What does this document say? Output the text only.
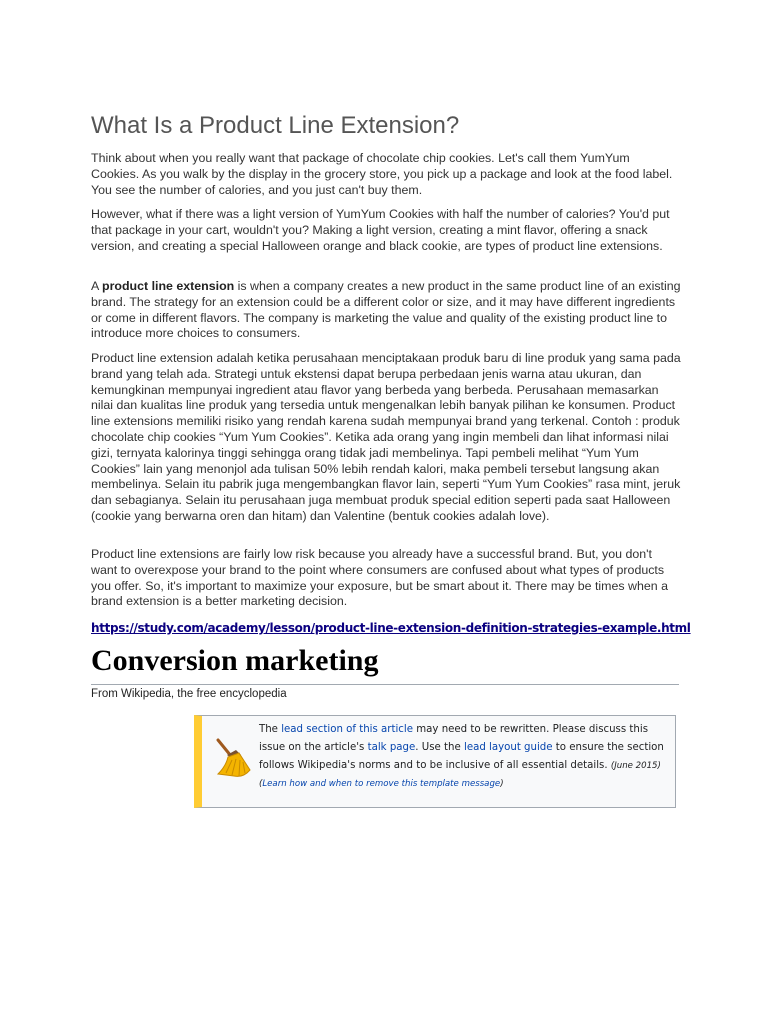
What Is a Product Line Extension?

Think about when you really want that package of chocolate chip cookies. Let's call them YumYum Cookies. As you walk by the display in the grocery store, you pick up a package and look at the food label. You see the number of calories, and you just can't buy them.

However, what if there was a light version of YumYum Cookies with half the number of calories? You'd put that package in your cart, wouldn't you? Making a light version, creating a mint flavor, offering a snack version, and creating a special Halloween orange and black cookie, are types of product line extensions.

A product line extension is when a company creates a new product in the same product line of an existing brand. The strategy for an extension could be a different color or size, and it may have different ingredients or come in different flavors. The company is marketing the value and quality of the existing product line to introduce more choices to consumers.

Product line extension adalah ketika perusahaan menciptakaan produk baru di line produk yang sama pada brand yang telah ada. Strategi untuk ekstensi dapat berupa perbedaan jenis warna atau ukuran, dan kemungkinan mempunyai ingredient atau flavor yang berbeda yang berbeda. Perusahaan memasarkan nilai dan kualitas line produk yang tersedia untuk mengenalkan lebih banyak pilihan ke konsumen. Product line extensions memiliki risiko yang rendah karena sudah mempunyai brand yang terkenal. Contoh : produk chocolate chip cookies “Yum Yum Cookies”. Ketika ada orang yang ingin membeli dan lihat informasi nilai gizi, ternyata kalorinya tinggi sehingga orang tidak jadi membelinya. Tapi pembeli melihat “Yum Yum Cookies” lain yang menonjol ada tulisan 50% lebih rendah kalori, maka pembeli tersebut langsung akan membelinya. Selain itu pabrik juga mengembangkan flavor lain, seperti “Yum Yum Cookies” rasa mint, jeruk dan sebagianya. Selain itu perusahaan juga membuat produk special edition seperti pada saat Halloween (cookie yang berwarna oren dan hitam) dan Valentine (bentuk cookies adalah love).

Product line extensions are fairly low risk because you already have a successful brand. But, you don't want to overexpose your brand to the point where consumers are confused about what types of products you offer. So, it's important to maximize your exposure, but be smart about it. There may be times when a brand extension is a better marketing decision.

https://study.com/academy/lesson/product-line-extension-definition-strategies-example.html
Conversion marketing
From Wikipedia, the free encyclopedia
The lead section of this article may need to be rewritten. Please discuss this issue on the article's talk page. Use the lead layout guide to ensure the section follows Wikipedia's norms and to be inclusive of all essential details. (June 2015) (Learn how and when to remove this template message)
